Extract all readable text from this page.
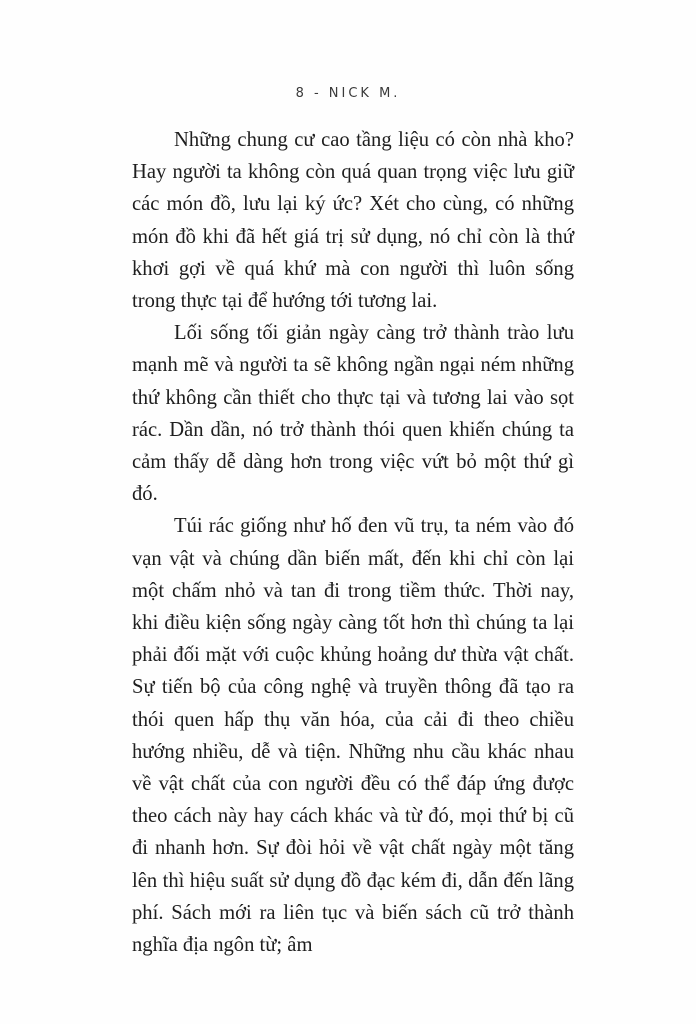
8 - NICK M.

Những chung cư cao tầng liệu có còn nhà kho? Hay người ta không còn quá quan trọng việc lưu giữ các món đồ, lưu lại ký ức? Xét cho cùng, có những món đồ khi đã hết giá trị sử dụng, nó chỉ còn là thứ khơi gợi về quá khứ mà con người thì luôn sống trong thực tại để hướng tới tương lai.

Lối sống tối giản ngày càng trở thành trào lưu mạnh mẽ và người ta sẽ không ngần ngại ném những thứ không cần thiết cho thực tại và tương lai vào sọt rác. Dần dần, nó trở thành thói quen khiến chúng ta cảm thấy dễ dàng hơn trong việc vứt bỏ một thứ gì đó.

Túi rác giống như hố đen vũ trụ, ta ném vào đó vạn vật và chúng dần biến mất, đến khi chỉ còn lại một chấm nhỏ và tan đi trong tiềm thức. Thời nay, khi điều kiện sống ngày càng tốt hơn thì chúng ta lại phải đối mặt với cuộc khủng hoảng dư thừa vật chất. Sự tiến bộ của công nghệ và truyền thông đã tạo ra thói quen hấp thụ văn hóa, của cải đi theo chiều hướng nhiều, dễ và tiện. Những nhu cầu khác nhau về vật chất của con người đều có thể đáp ứng được theo cách này hay cách khác và từ đó, mọi thứ bị cũ đi nhanh hơn. Sự đòi hỏi về vật chất ngày một tăng lên thì hiệu suất sử dụng đồ đạc kém đi, dẫn đến lãng phí. Sách mới ra liên tục và biến sách cũ trở thành nghĩa địa ngôn từ; âm
